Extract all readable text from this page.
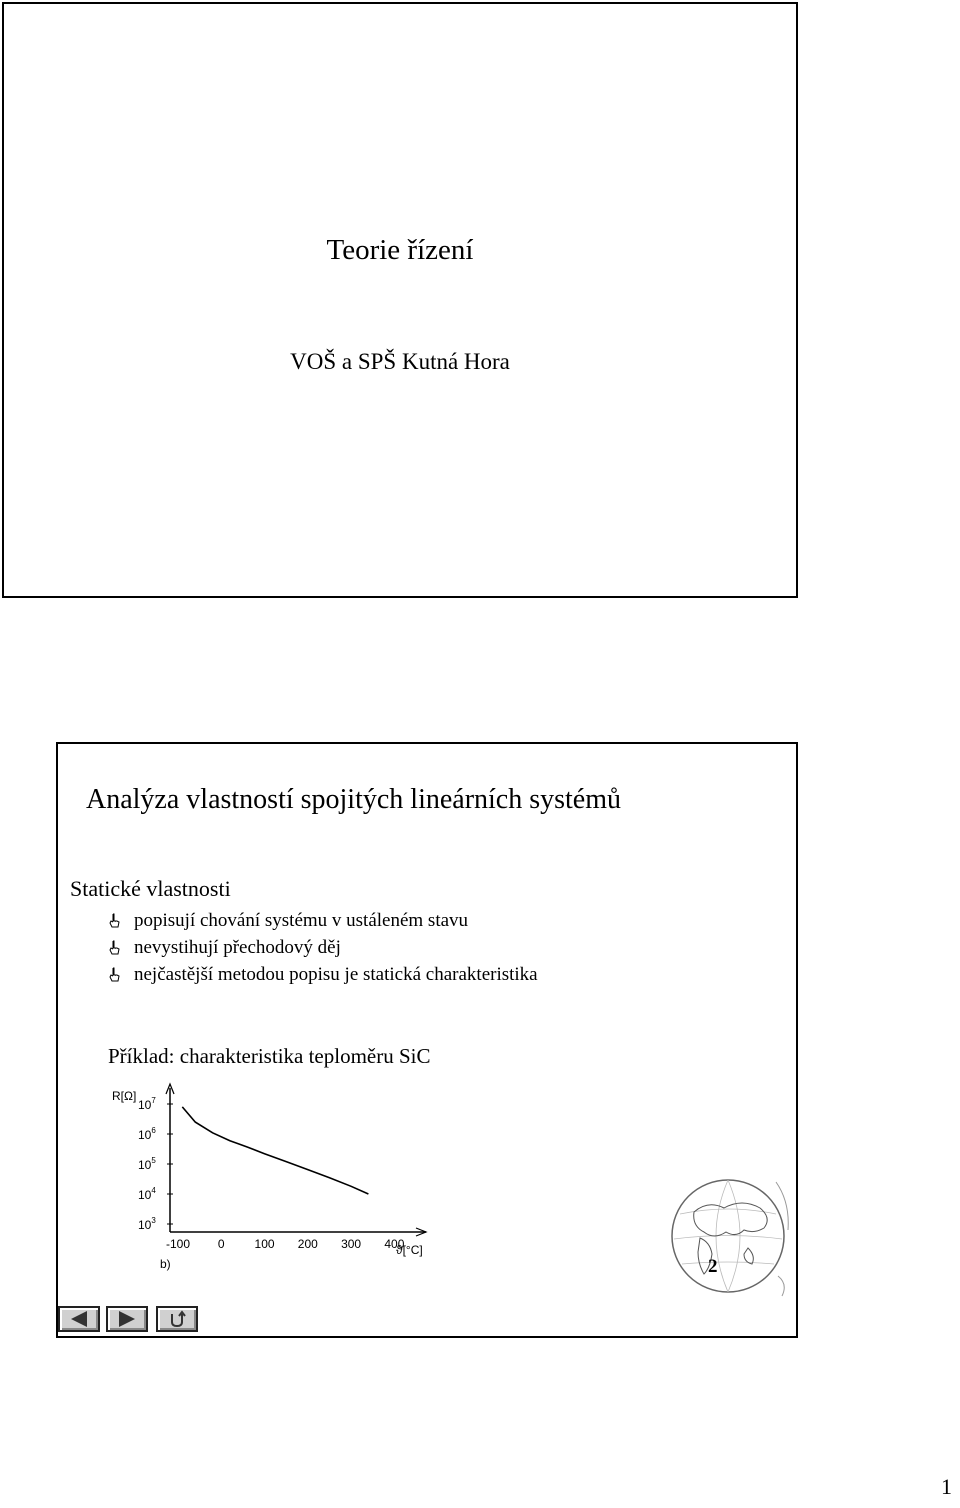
Teorie řízení
VOŠ a SPŠ Kutná Hora
Analýza vlastností spojitých lineárních systémů
Statické vlastnosti
popisují chování systému v ustáleném stavu
nevystihují přechodový děj
nejčastější metodou popisu je statická charakteristika
Příklad: charakteristika teploměru SiC
R[Ω]
ϑ[°C]
b)
$10^7$
$10^6$
$10^5$
$10^4$
$10^3$
-100 0 100 200 300 400
2
1
